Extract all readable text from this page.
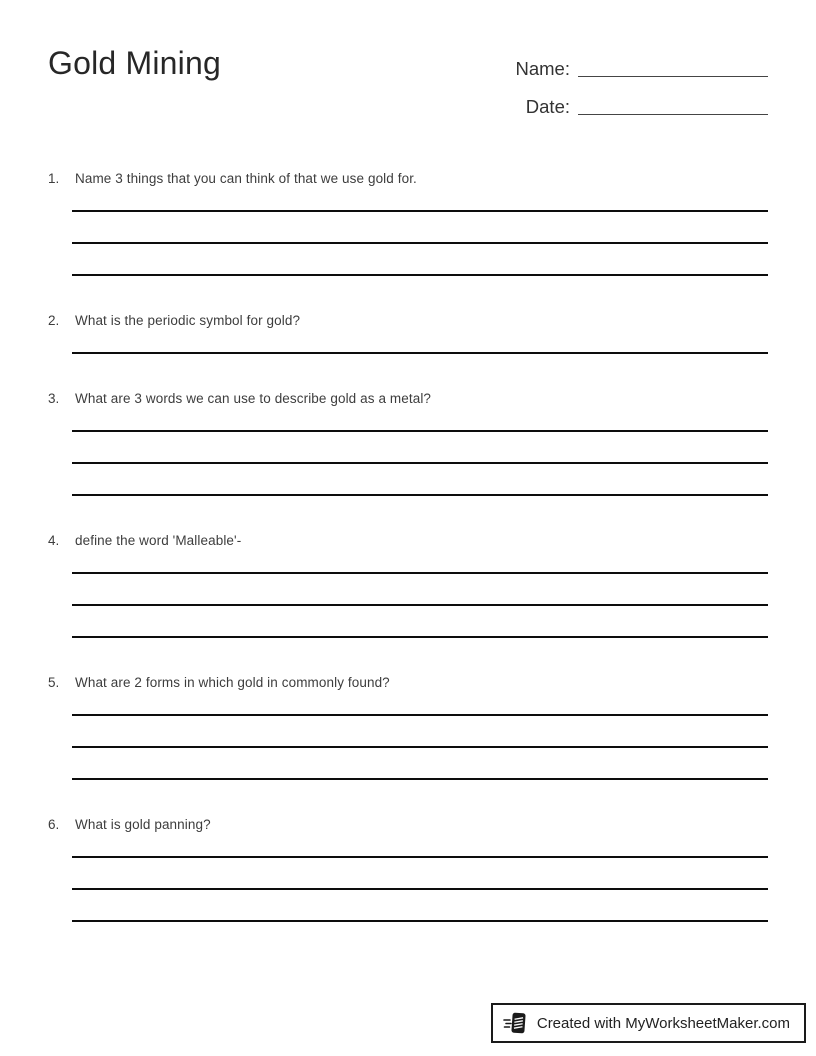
Gold Mining	Name:
Date:
1.	Name 3 things that you can think of that we use gold for.
2.	What is the periodic symbol for gold?
3.	What are 3 words we can use to describe gold as a metal?
4.	define the word 'Malleable'-
5.	What are 2 forms in which gold in commonly found?
6.	What is gold panning?
Created with MyWorksheetMaker.com
